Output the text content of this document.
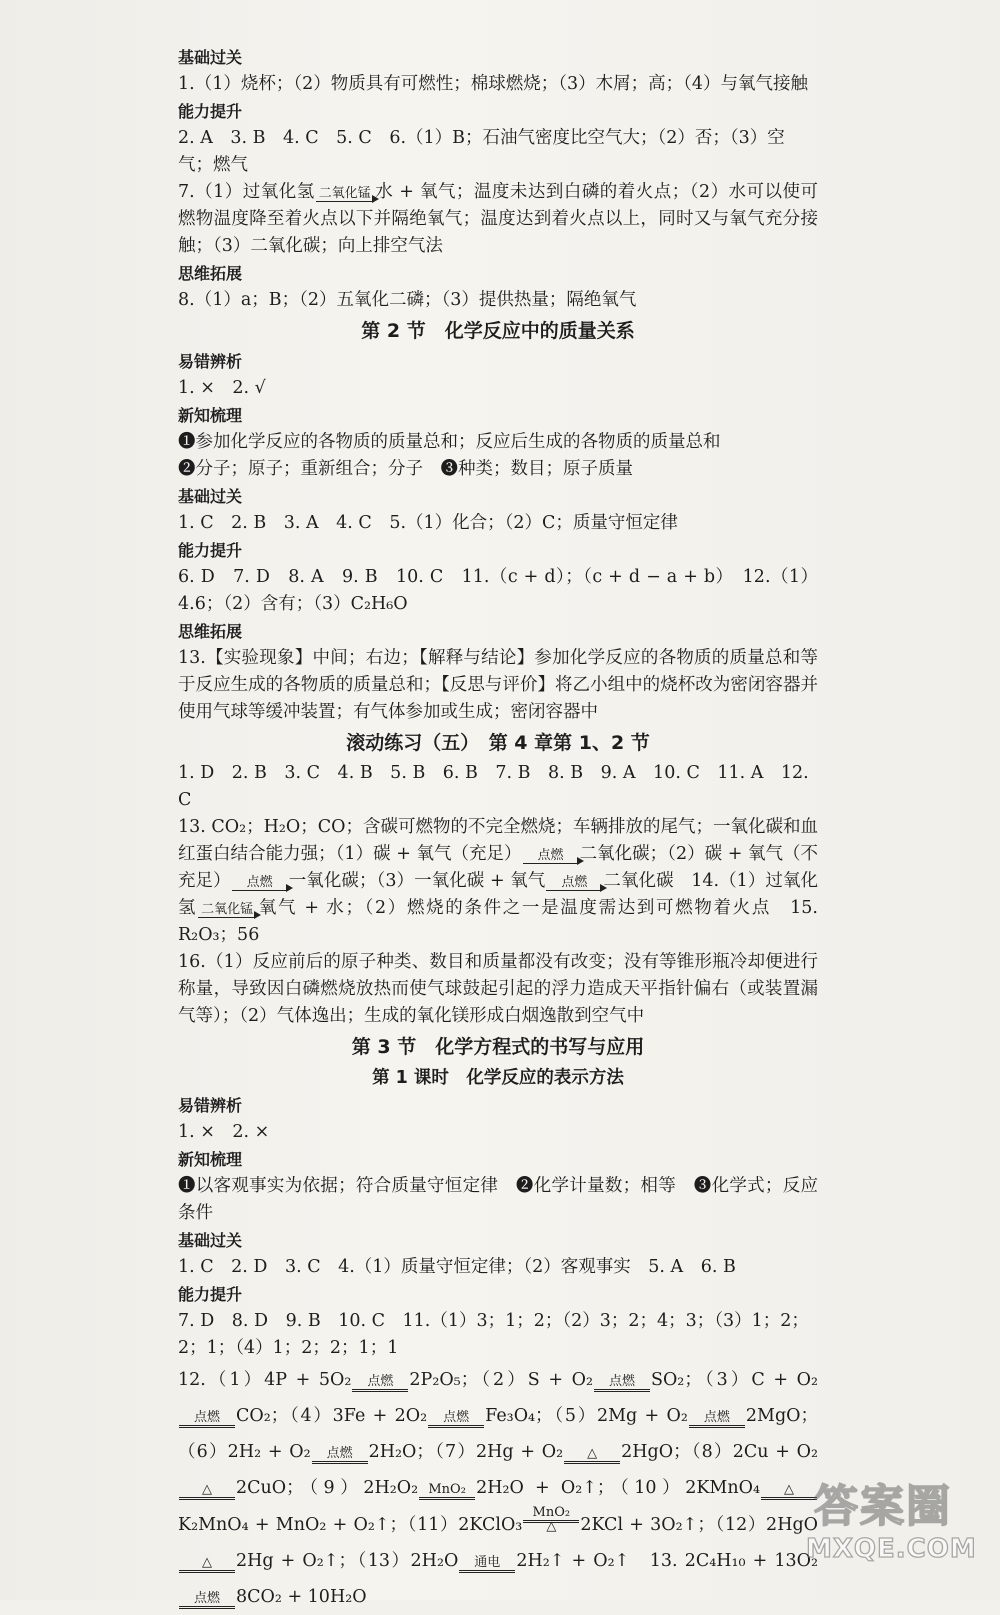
基础过关
1.（1）烧杯；（2）物质具有可燃性；棉球燃烧；（3）木屑；高；（4）与氧气接触
能力提升
2. A　3. B　4. C　5. C　6.（1）B；石油气密度比空气大；（2）否；（3）空气；燃气
7.（1）过氧化氢 二氧化锰 水 + 氧气；温度未达到白磷的着火点；（2）水可以使可燃物温度降至着火点以下并隔绝氧气；温度达到着火点以上，同时又与氧气充分接触；（3）二氧化碳；向上排空气法
思维拓展
8.（1）a；B；（2）五氧化二磷；（3）提供热量；隔绝氧气
第 2 节　化学反应中的质量关系
易错辨析
1. ×　2. √
新知梳理
❶参加化学反应的各物质的质量总和；反应后生成的各物质的质量总和
❷分子；原子；重新组合；分子　❸种类；数目；原子质量
基础过关
1. C　2. B　3. A　4. C　5.（1）化合；（2）C；质量守恒定律
能力提升
6. D　7. D　8. A　9. B　10. C　11.（c + d）；（c + d − a + b）　12.（1）4.6；（2）含有；（3）C₂H₆O
思维拓展
13.【实验现象】中间；右边；【解释与结论】参加化学反应的各物质的质量总和等于反应生成的各物质的质量总和；【反思与评价】将乙小组中的烧杯改为密闭容器并使用气球等缓冲装置；有气体参加或生成；密闭容器中
滚动练习（五）　第 4 章第 1、2 节
1. D　2. B　3. C　4. B　5. B　6. B　7. B　8. B　9. A　10. C　11. A　12. C
13. CO₂；H₂O；CO；含碳可燃物的不完全燃烧；车辆排放的尾气；一氧化碳和血红蛋白结合能力强；（1）碳 + 氧气（充足）	点燃 二氧化碳；（2）碳 + 氧气（不充足）	点燃 一氧化碳；（3）一氧化碳 + 氧气	点燃 二氧化碳　14.（1）过氧化氢 二氧化锰 氧气 + 水；（2）燃烧的条件之一是温度需达到可燃物着火点　15. R₂O₃；56
16.（1）反应前后的原子种类、数目和质量都没有改变；没有等锥形瓶冷却便进行称量，导致因白磷燃烧放热而使气球鼓起引起的浮力造成天平指针偏右（或装置漏气等）；（2）气体逸出；生成的氧化镁形成白烟逸散到空气中
第 3 节　化学方程式的书写与应用
第 1 课时　化学反应的表示方法
易错辨析
1. ×　2. ×
新知梳理
❶以客观事实为依据；符合质量守恒定律　❷化学计量数；相等　❸化学式；反应条件
基础过关
1. C　2. D　3. C　4.（1）质量守恒定律；（2）客观事实　5. A　6. B
能力提升
7. D　8. D　9. B　10. C　11.（1）3；1；2；（2）3；2；4；3；（3）1；2；2；1；（4）1；2；2；1；1
12.（1）4P + 5O₂	点燃 2P₂O₅；（2）S + O₂	点燃 SO₂；（3）C + O₂
点燃 CO₂；（4）3Fe + 2O₂	点燃 Fe₃O₄；（5）2Mg + O₂	点燃 2MgO；（6）2H₂ + O₂	点燃 2H₂O；（7）2Hg + O₂	△	2HgO；（8）2Cu + O₂
△	2CuO；（9）2H₂O₂ MnO₂ 2H₂O + O₂↑；（10）2KMnO₄	△
K₂MnO₄ + MnO₂ + O₂↑；（11）2KClO₃
MnO₂
△	2KCl + 3O₂↑；（12）2HgO
△	2Hg + O₂↑；（13）2H₂O	通电 2H₂↑ + O₂↑　13. 2C₄H₁₀ + 13O₂
点燃 8CO₂ + 10H₂O
答案圈
MXQE.COM
